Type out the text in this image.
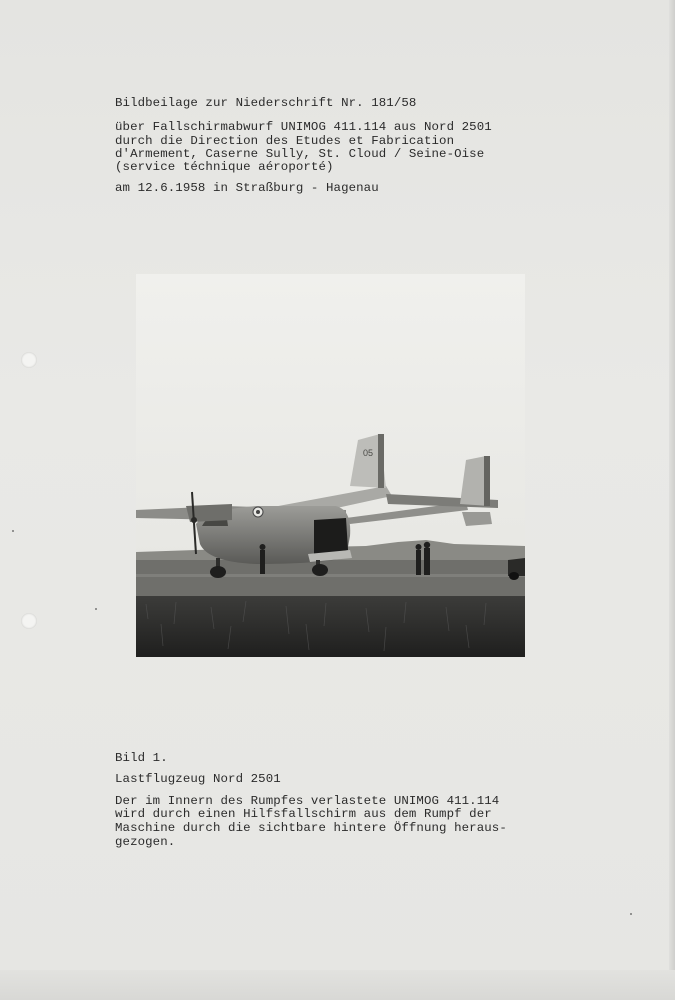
Bildbeilage zur Niederschrift Nr. 181/58
über Fallschirmabwurf UNIMOG 411.114 aus Nord 2501
durch die Direction des Etudes et Fabrication
d'Armement, Caserne Sully, St. Cloud / Seine-Oise
(service téchnique aéroporté)
am 12.6.1958 in Straßburg - Hagenau
05
Bild 1.
Lastflugzeug Nord 2501
Der im Innern des Rumpfes verlastete UNIMOG 411.114
wird durch einen Hilfsfallschirm aus dem Rumpf der
Maschine durch die sichtbare hintere Öffnung heraus-
gezogen.
